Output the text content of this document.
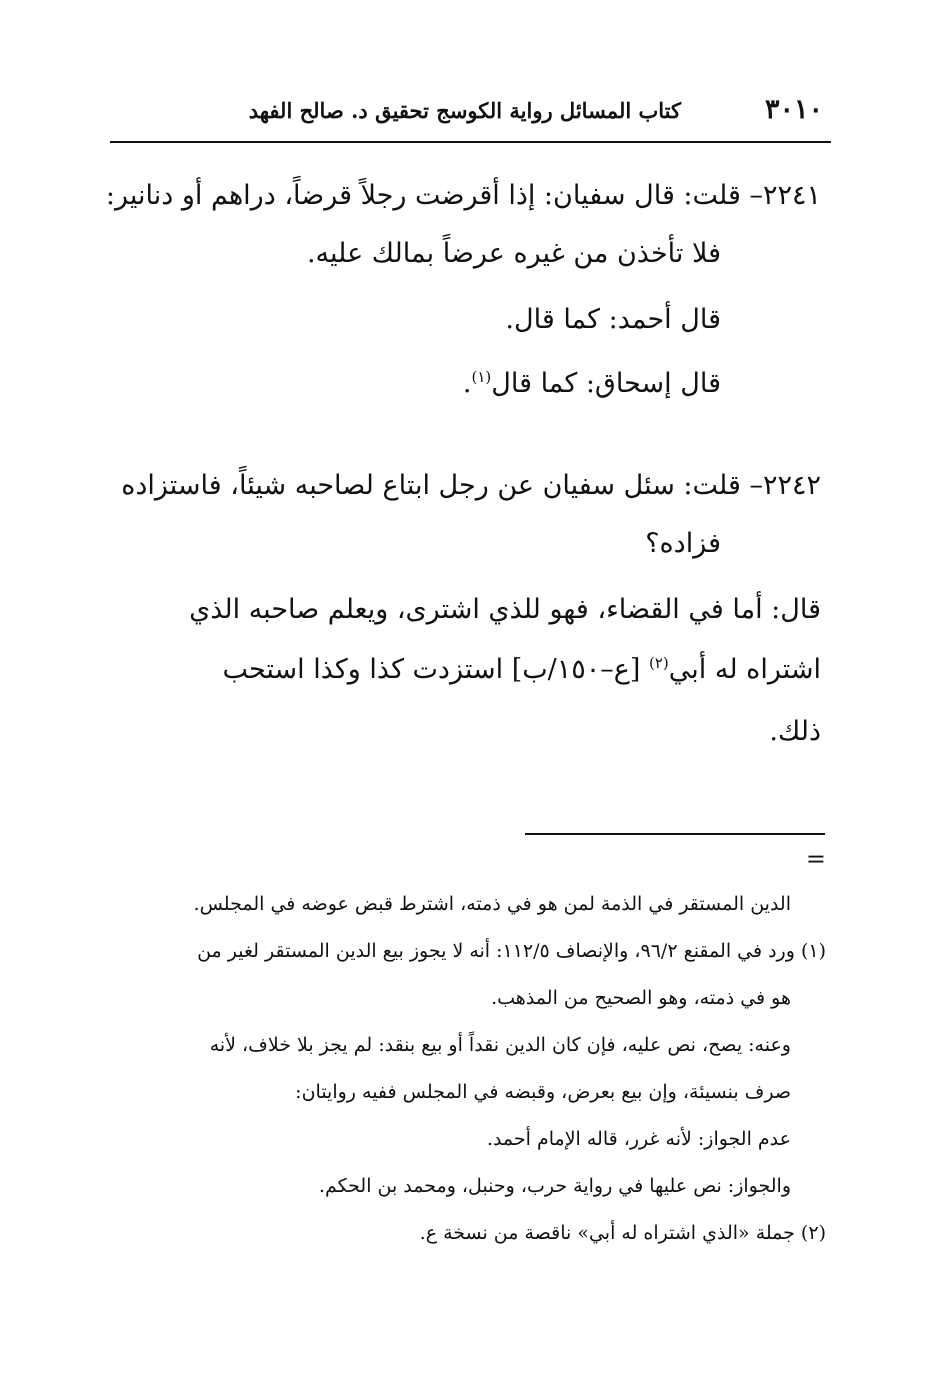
٣٠١٠
كتاب المسائل رواية الكوسج تحقيق د. صالح الفهد
٢٢٤١– قلت: قال سفيان: إذا أقرضت رجلاً قرضاً، دراهم أو دنانير:
فلا تأخذن من غيره عرضاً بمالك عليه.
قال أحمد: كما قال.
قال إسحاق: كما قال$^{(١)}$.
٢٢٤٢– قلت: سئل سفيان عن رجل ابتاع لصاحبه شيئاً، فاستزاده
فزاده؟
قال: أما في القضاء، فهو للذي اشترى، ويعلم صاحبه الذي
اشتراه له أبي$^{(٢)}$ [ع–١٥٠/ب] استزدت كذا وكذا استحب
ذلك.
=
الدين المستقر في الذمة لمن هو في ذمته، اشترط قبض عوضه في المجلس.
(١) ورد في المقنع ٩٦/٢، والإنصاف ١١٢/٥: أنه لا يجوز بيع الدين المستقر لغير من
هو في ذمته، وهو الصحيح من المذهب.
وعنه: يصح، نص عليه، فإن كان الدين نقداً أو بيع بنقد: لم يجز بلا خلاف، لأنه
صرف بنسيئة، وإن بيع بعرض، وقبضه في المجلس ففيه روايتان:
عدم الجواز: لأنه غرر، قاله الإمام أحمد.
والجواز: نص عليها في رواية حرب، وحنبل، ومحمد بن الحكم.
(٢) جملة «الذي اشتراه له أبي» ناقصة من نسخة ع.
